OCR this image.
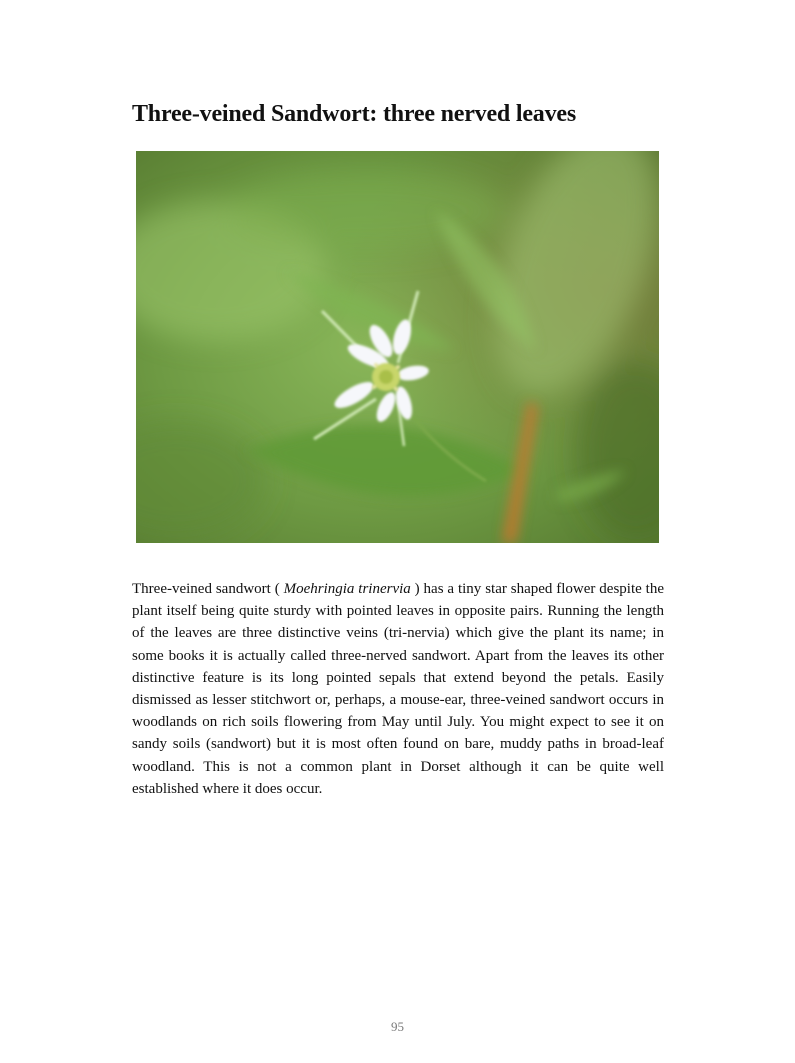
Three-veined Sandwort: three nerved leaves

Three-veined sandwort ( Moehringia trinervia ) has a tiny star shaped flower despite the plant itself being quite sturdy with pointed leaves in opposite pairs. Running the length of the leaves are three distinctive veins (tri-nervia) which give the plant its name; in some books it is actually called three-nerved sandwort. Apart from the leaves its other distinctive feature is its long pointed sepals that extend beyond the petals. Easily dismissed as lesser stitchwort or, perhaps, a mouse-ear, three-veined sandwort occurs in woodlands on rich soils flowering from May until July. You might expect to see it on sandy soils (sandwort) but it is most often found on bare, muddy paths in broad-leaf woodland. This is not a common plant in Dorset although it can be quite well established where it does occur.

95
